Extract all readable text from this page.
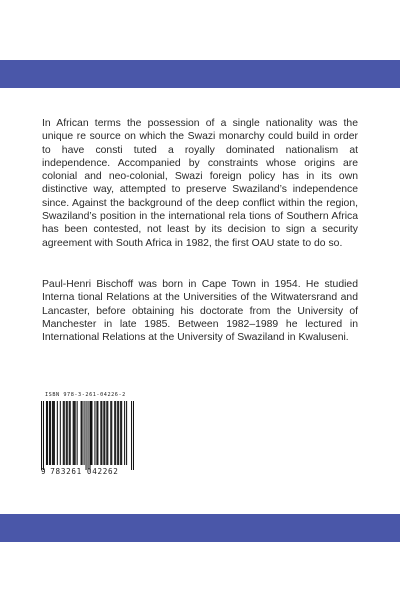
In African terms the possession of a single nationality was the unique re source on which the Swazi monarchy could build in order to have consti tuted a royally dominated nationalism at independence. Accompanied by constraints whose origins are colonial and neo-colonial, Swazi foreign policy has in its own distinctive way, attempted to preserve Swaziland’s independence since. Against the background of the deep conflict within the region, Swaziland’s position in the international rela tions of Southern Africa has been contested, not least by its decision to sign a security agreement with South Africa in 1982, the first OAU state to do so.

Paul-Henri Bischoff was born in Cape Town in 1954. He studied Interna tional Relations at the Universities of the Witwatersrand and Lancaster, before obtaining his doctorate from the University of Manchester in late 1985. Between 1982–1989 he lectured in International Relations at the University of Swaziland in Kwaluseni.

ISBN 978-3-261-04226-2
9 783261 042262
